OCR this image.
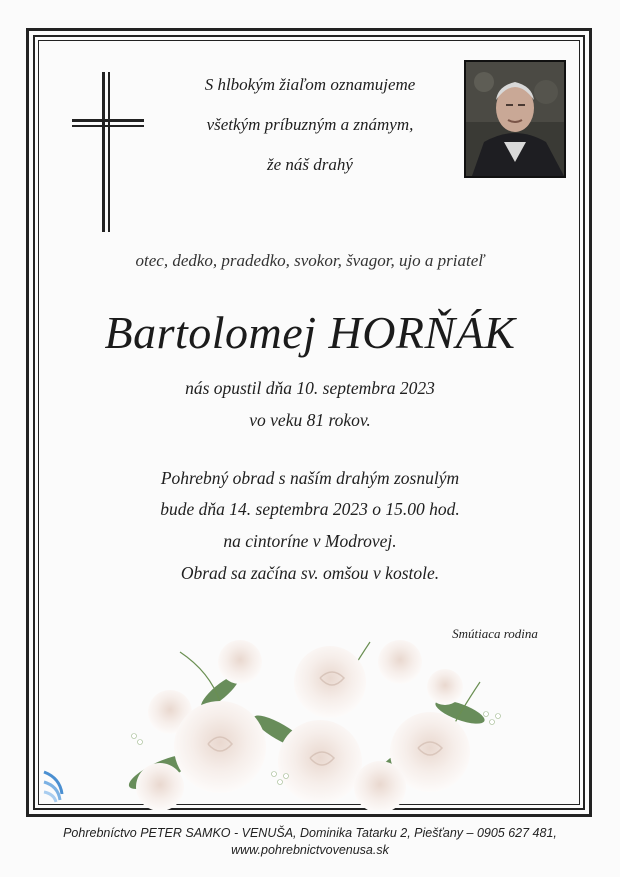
S hlbokým žiaľom oznamujeme
všetkým príbuzným a známym,
že náš drahý
otec, dedko, pradedko, svokor, švagor, ujo a priateľ
Bartolomej HORŇÁK
nás opustil dňa 10. septembra 2023
vo veku 81 rokov.
Pohrebný obrad s naším drahým zosnulým
bude dňa 14. septembra 2023 o 15.00 hod.
na cintoríne v Modrovej.
Obrad sa začína sv. omšou v kostole.
Smútiaca rodina
Pohrebníctvo PETER SAMKO - VENUŠA, Dominika Tatarku 2, Piešťany – 0905 627 481,
www.pohrebnictvovenusa.sk
